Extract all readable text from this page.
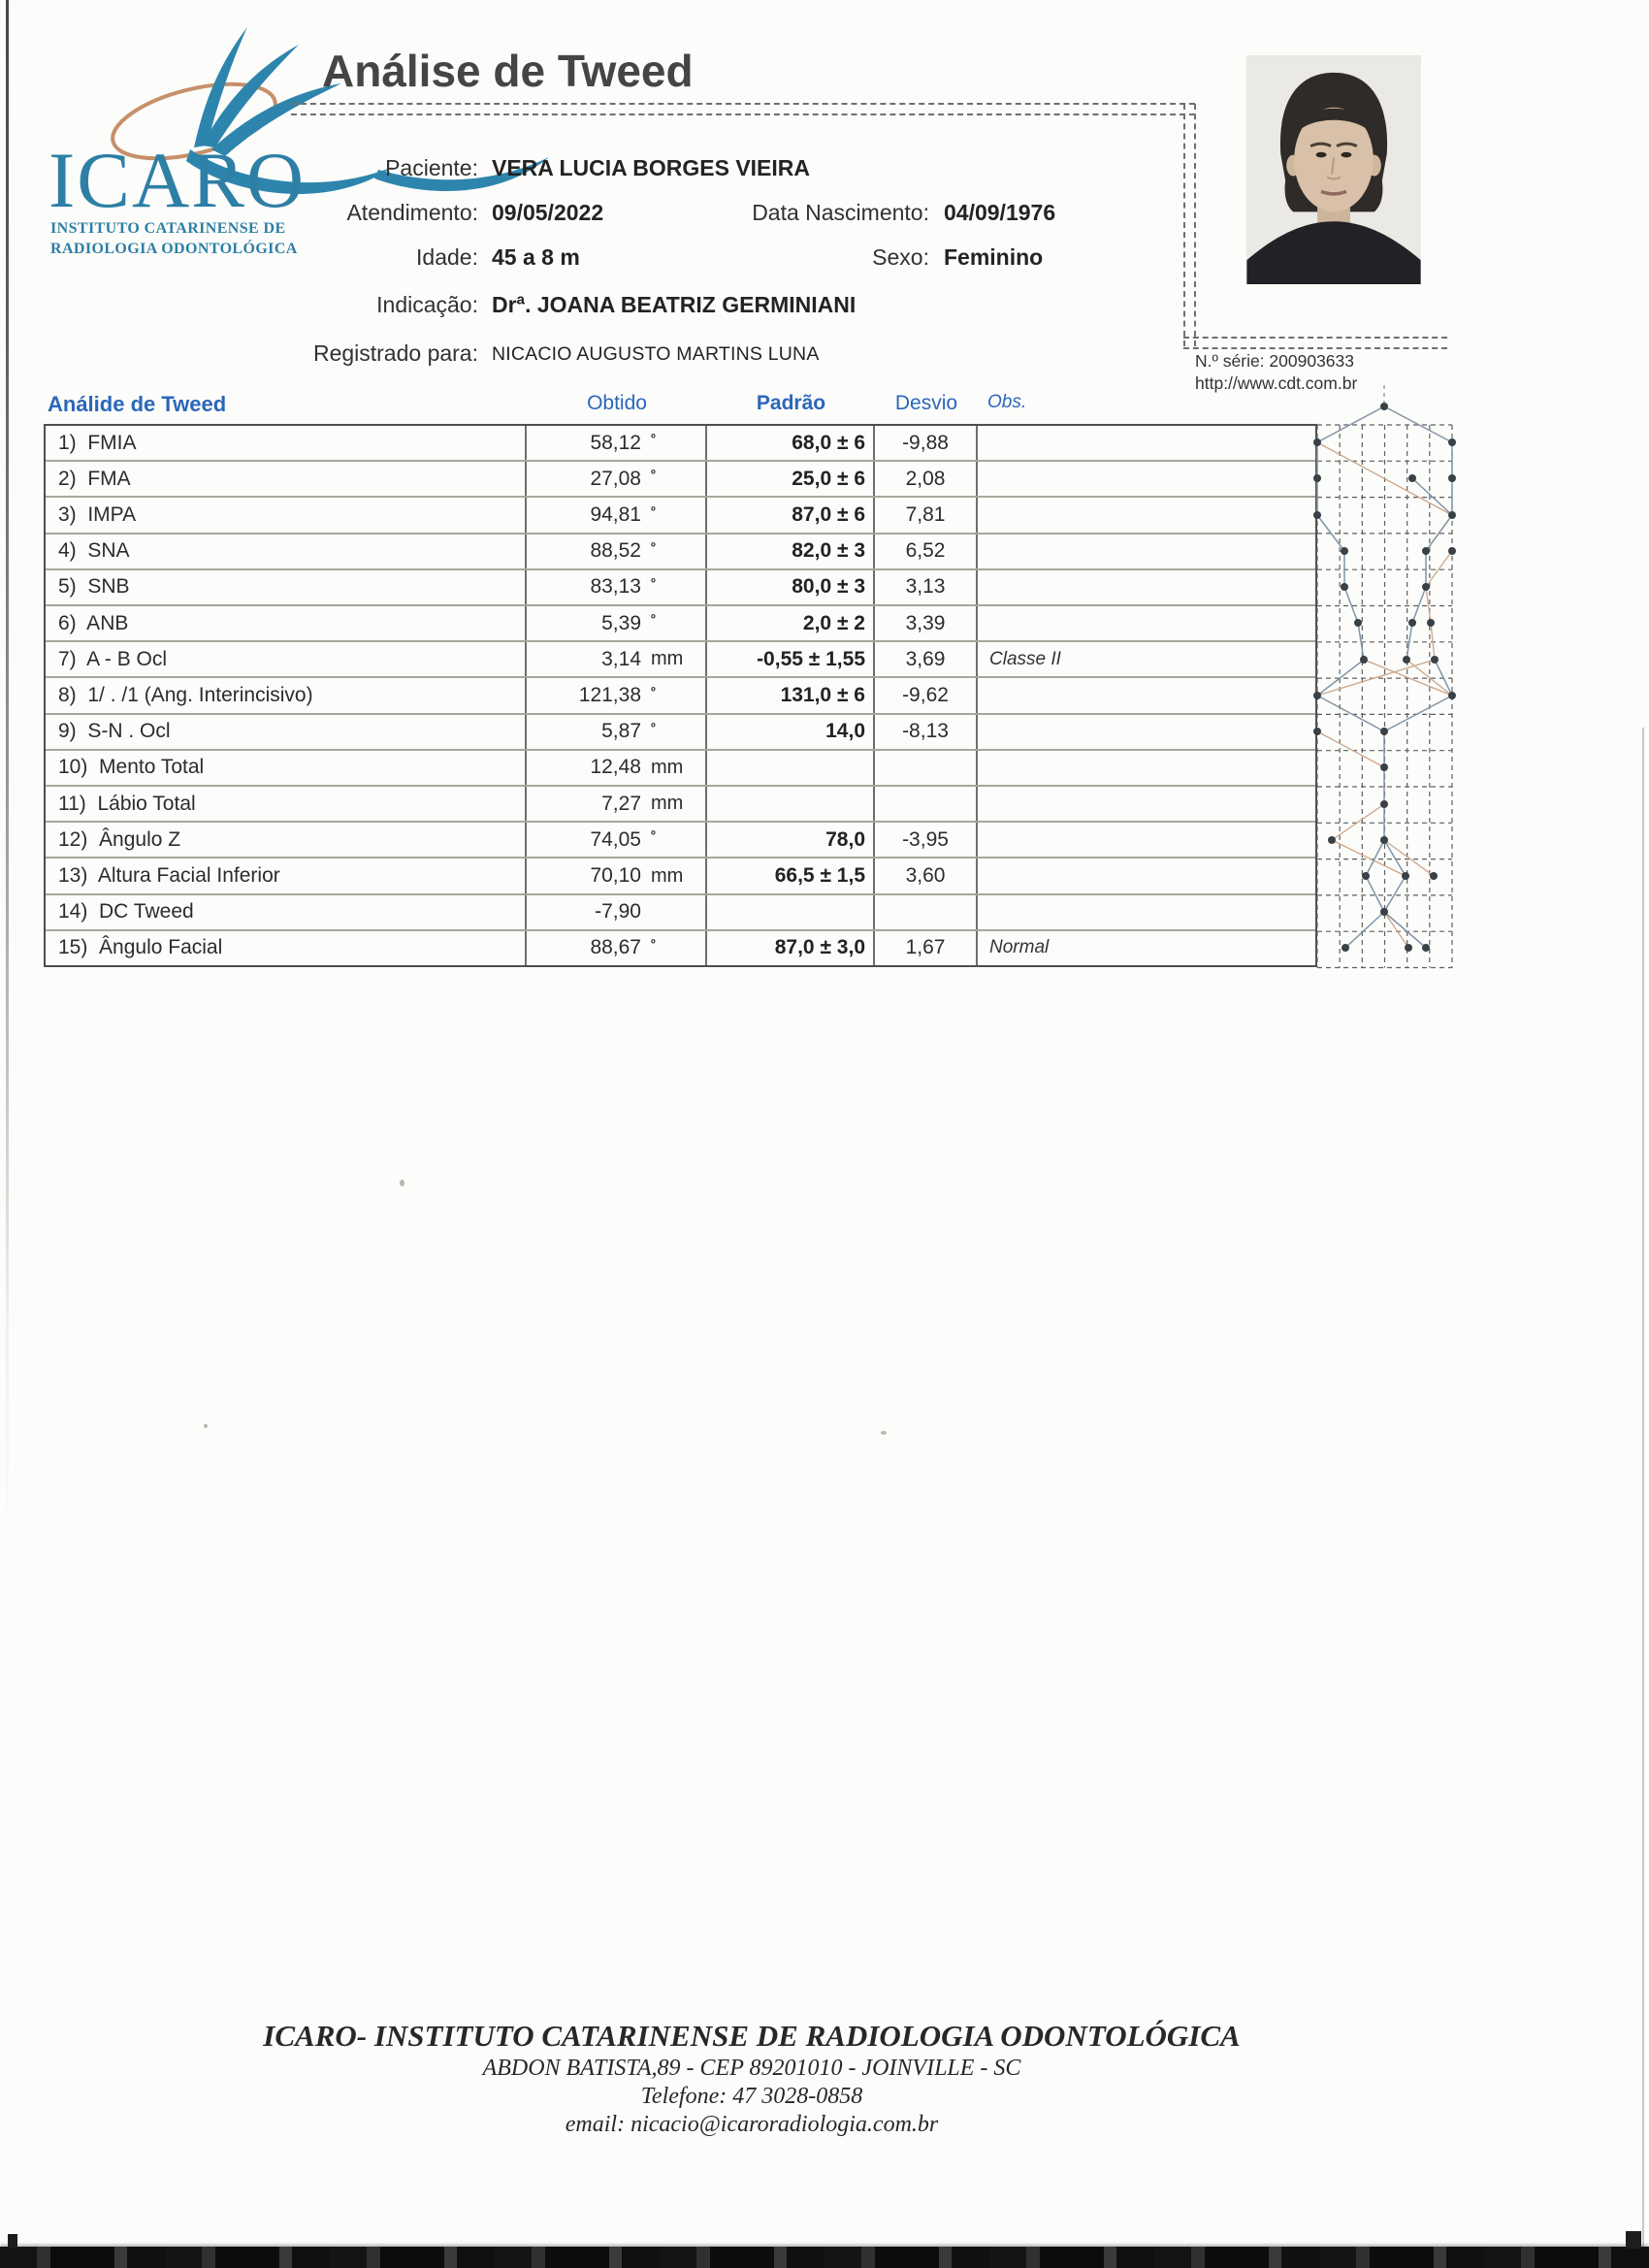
ICARO
INSTITUTO CATARINENSE DE
RADIOLOGIA ODONTOLÓGICA
Análise de Tweed
Paciente: VERA LUCIA BORGES VIEIRA
Atendimento: 09/05/2022	Data Nascimento: 04/09/1976
Idade: 45 a 8 m	Sexo: Feminino
Indicação: Drª. JOANA BEATRIZ GERMINIANI
Registrado para: NICACIO AUGUSTO MARTINS LUNA	N.º série: 200903633
http://www.cdt.com.br
Análide de Tweed	Obtido	Padrão	Desvio	Obs.
1)  FMIA	58,12 $^º$	68,0 ± 6	-9,88
2)  FMA	27,08 $^º$	25,0 ± 6	2,08
3)  IMPA	94,81 $^º$	87,0 ± 6	7,81
4)  SNA	88,52 $^º$	82,0 ± 3	6,52
5)  SNB	83,13 $^º$	80,0 ± 3	3,13
6)  ANB	5,39 $^º$	2,0 ± 2	3,39
7)  A - B Ocl	3,14 mm	-0,55 ± 1,55	3,69	Classe II
8)  1/ . /1 (Ang. Interincisivo)	121,38 $^º$	131,0 ± 6	-9,62
9)  S-N . Ocl	5,87 $^º$	14,0	-8,13
10)  Mento Total	12,48 mm
11)  Lábio Total	7,27 mm
12)  Ângulo Z	74,05 $^º$	78,0	-3,95
13)  Altura Facial Inferior	70,10 mm	66,5 ± 1,5	3,60
14)  DC Tweed	-7,90
15)  Ângulo Facial	88,67 $^º$	87,0 ± 3,0	1,67	Normal
ICARO- INSTITUTO CATARINENSE DE RADIOLOGIA ODONTOLÓGICA
ABDON BATISTA,89 - CEP 89201010 - JOINVILLE - SC
Telefone: 47 3028-0858
email: nicacio@icaroradiologia.com.br
